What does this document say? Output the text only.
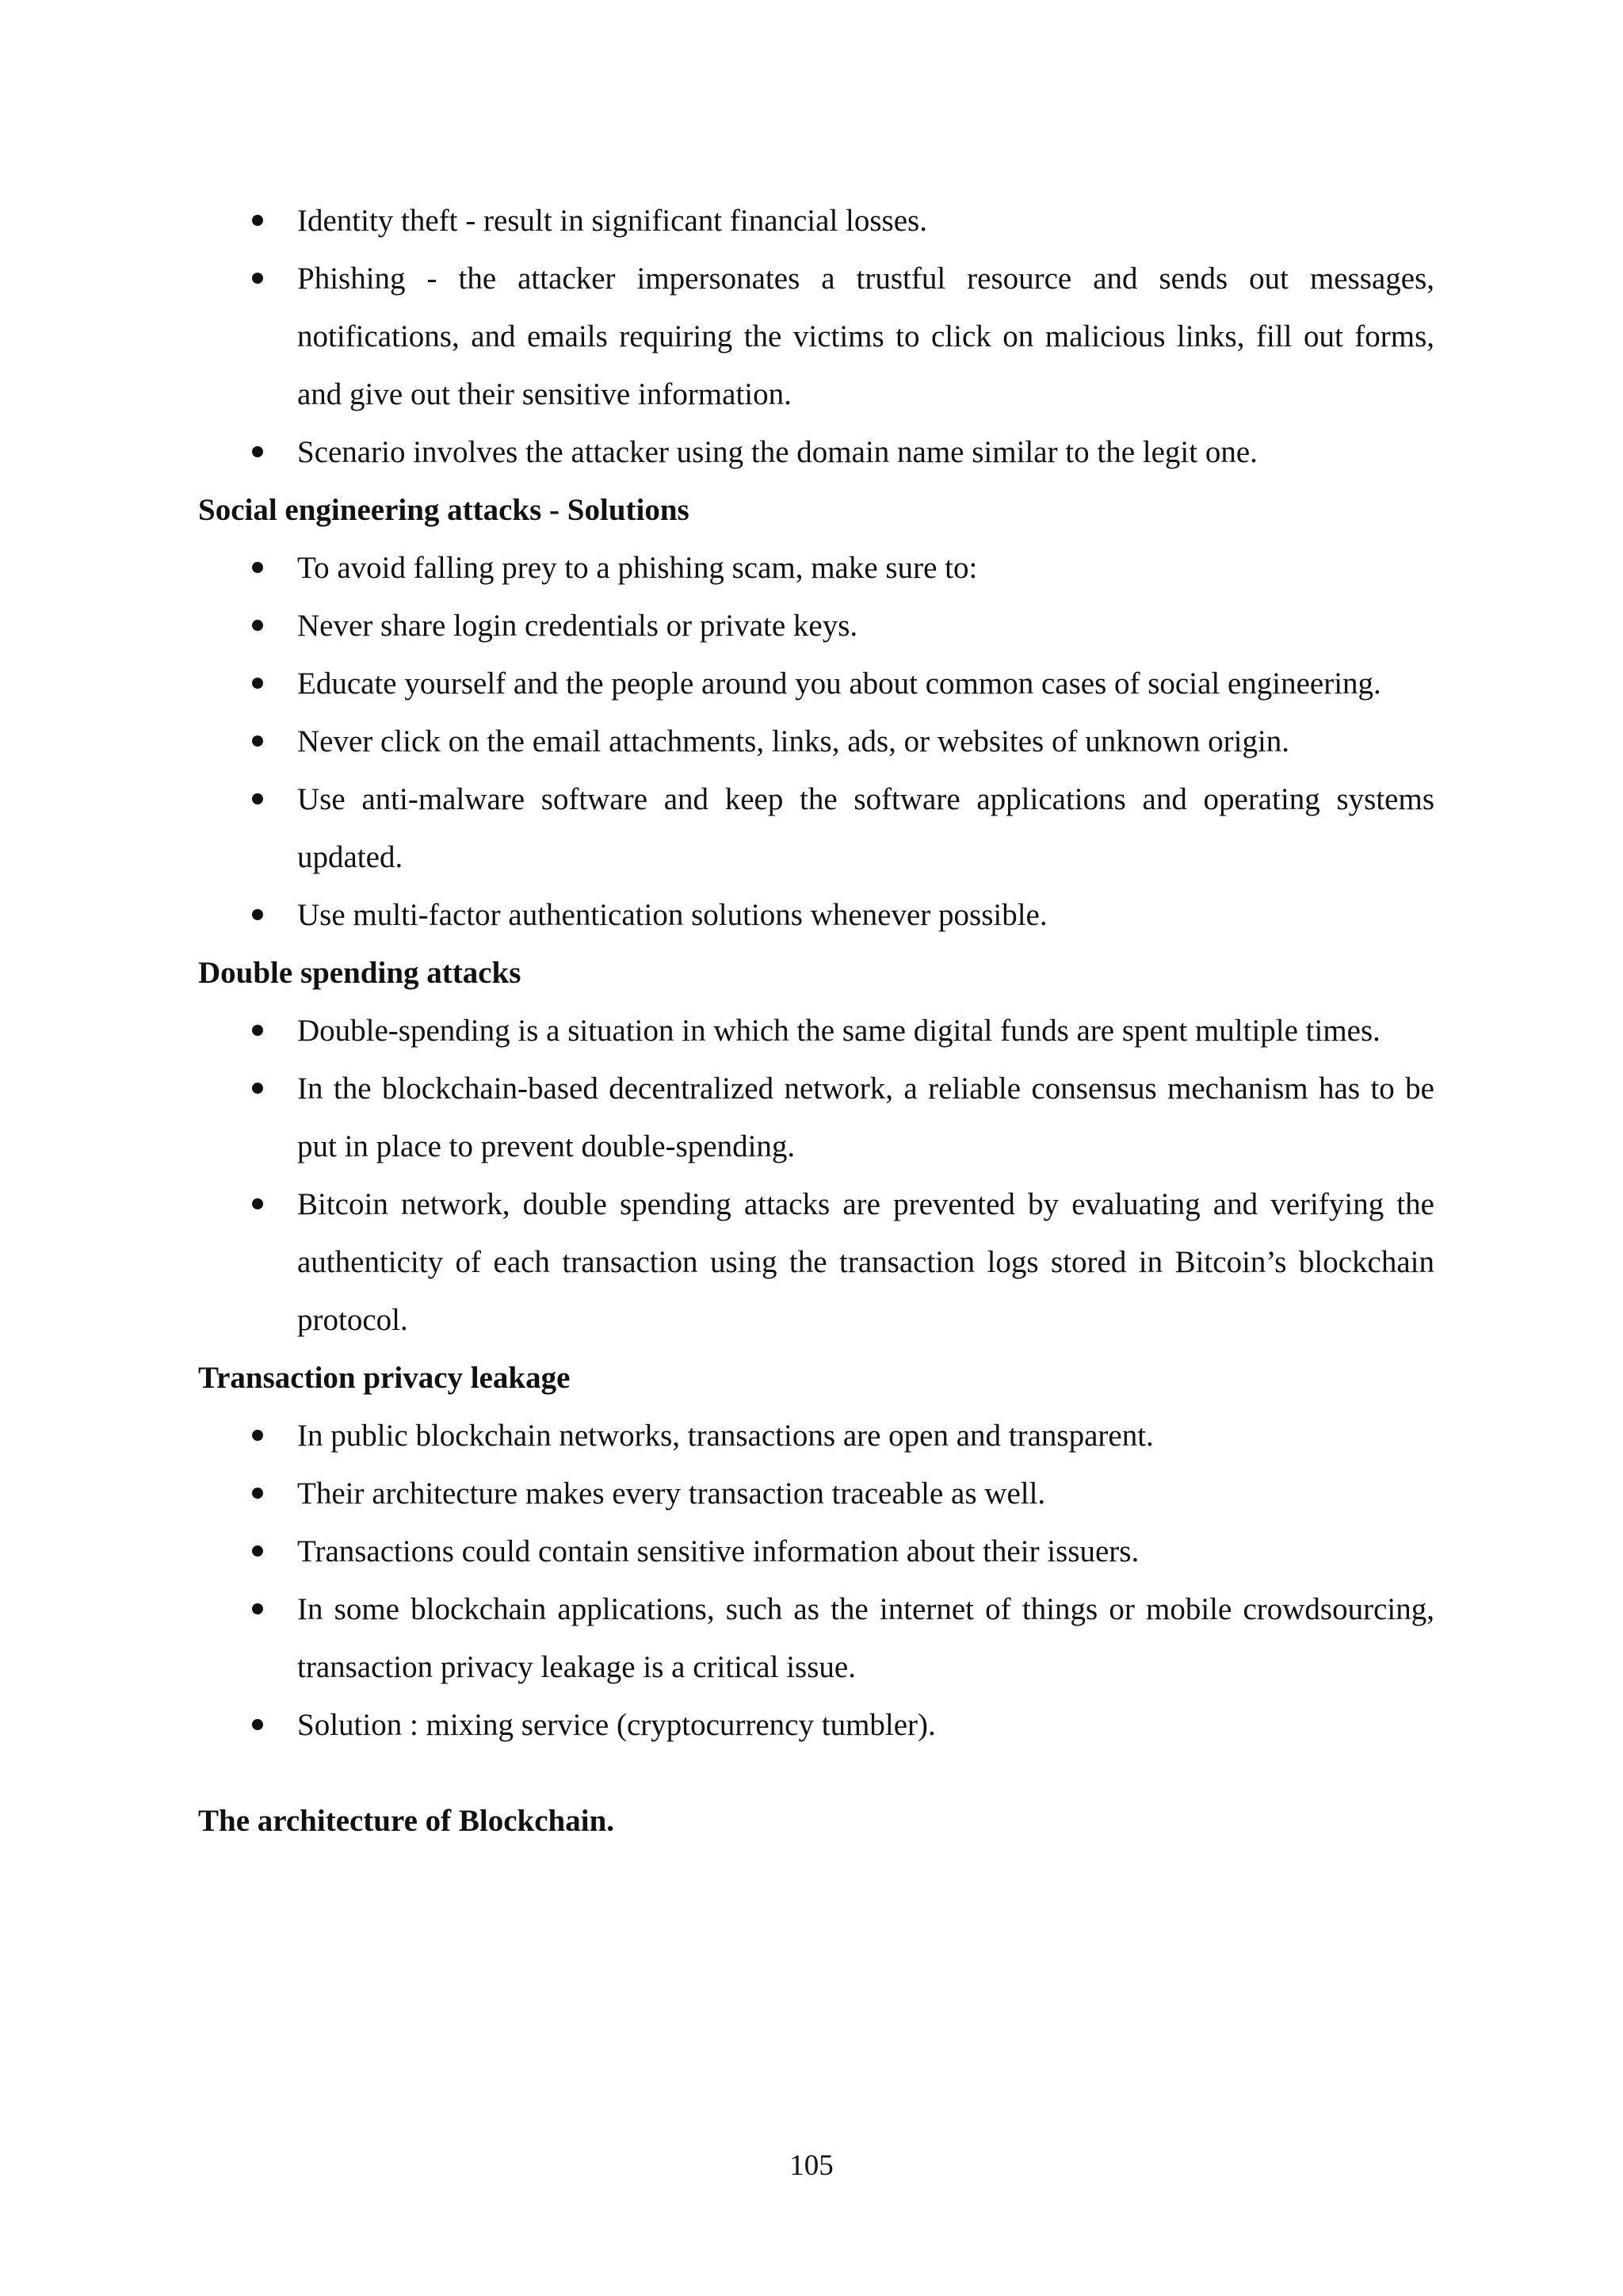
Identity theft - result in significant financial losses.
Phishing - the attacker impersonates a trustful resource and sends out messages, notifications, and emails requiring the victims to click on malicious links, fill out forms, and give out their sensitive information.
Scenario involves the attacker using the domain name similar to the legit one.

Social engineering attacks - Solutions

To avoid falling prey to a phishing scam, make sure to:
Never share login credentials or private keys.
Educate yourself and the people around you about common cases of social engineering.
Never click on the email attachments, links, ads, or websites of unknown origin.
Use anti-malware software and keep the software applications and operating systems updated.
Use multi-factor authentication solutions whenever possible.

Double spending attacks

Double-spending is a situation in which the same digital funds are spent multiple times.
In the blockchain-based decentralized network, a reliable consensus mechanism has to be put in place to prevent double-spending.
Bitcoin network, double spending attacks are prevented by evaluating and verifying the authenticity of each transaction using the transaction logs stored in Bitcoin’s blockchain protocol.

Transaction privacy leakage

In public blockchain networks, transactions are open and transparent.
Their architecture makes every transaction traceable as well.
Transactions could contain sensitive information about their issuers.
In some blockchain applications, such as the internet of things or mobile crowdsourcing, transaction privacy leakage is a critical issue.
Solution : mixing service (cryptocurrency tumbler).

The architecture of Blockchain.

105
